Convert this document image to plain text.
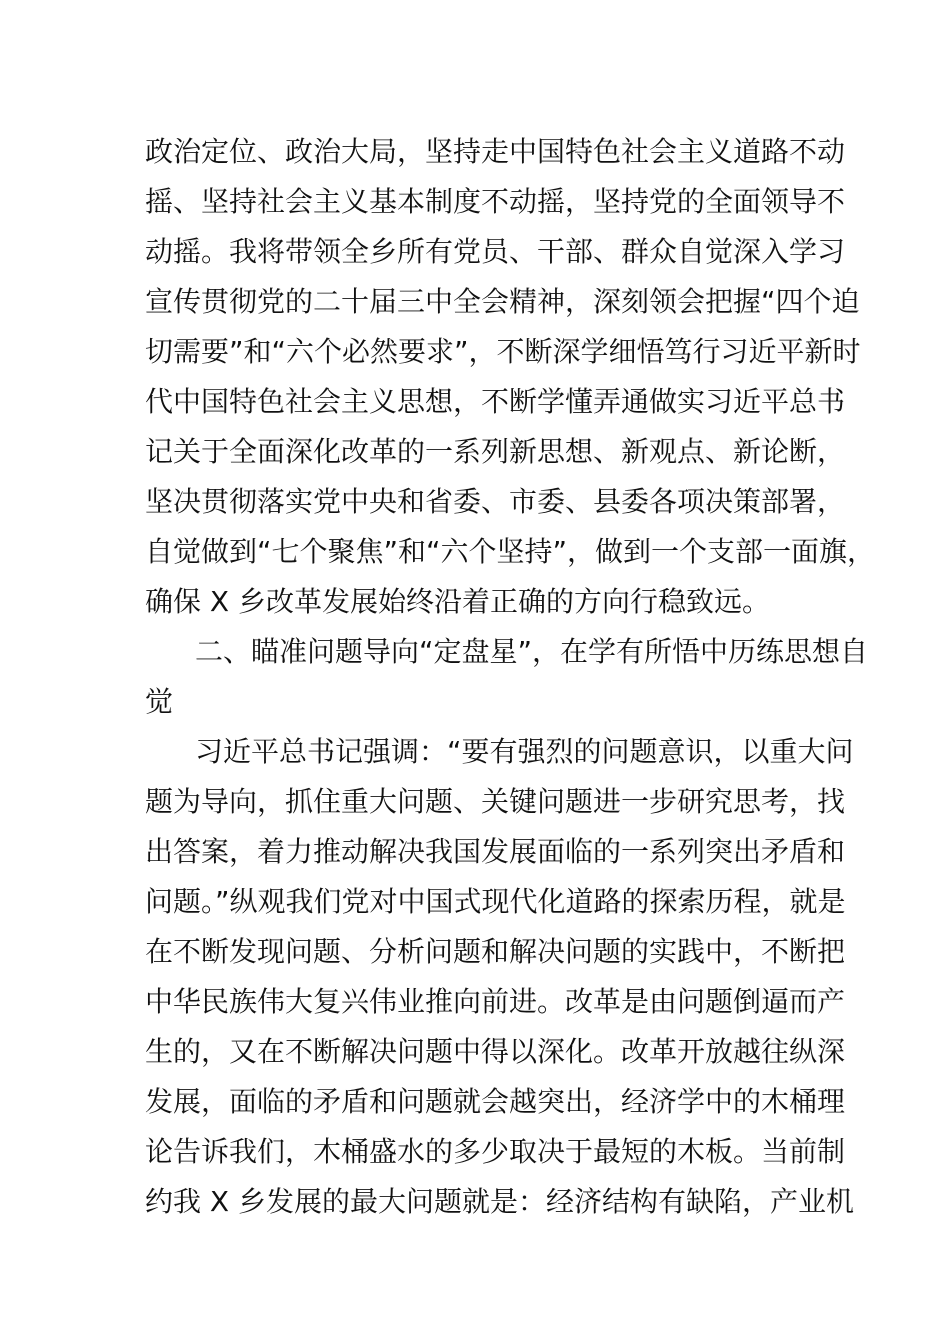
政治定位、政治大局，坚持走中国特色社会主义道路不动
摇、坚持社会主义基本制度不动摇，坚持党的全面领导不
动摇。我将带领全乡所有党员、干部、群众自觉深入学习
宣传贯彻党的二十届三中全会精神，深刻领会把握“四个迫
切需要”和“六个必然要求”，不断深学细悟笃行习近平新时
代中国特色社会主义思想，不断学懂弄通做实习近平总书
记关于全面深化改革的一系列新思想、新观点、新论断，
坚决贯彻落实党中央和省委、市委、县委各项决策部署，
自觉做到“七个聚焦”和“六个坚持”，做到一个支部一面旗，
确保 X 乡改革发展始终沿着正确的方向行稳致远。
二、瞄准问题导向“定盘星”，在学有所悟中历练思想自
觉
习近平总书记强调：“要有强烈的问题意识，以重大问
题为导向，抓住重大问题、关键问题进一步研究思考，找
出答案，着力推动解决我国发展面临的一系列突出矛盾和
问题。”纵观我们党对中国式现代化道路的探索历程，就是
在不断发现问题、分析问题和解决问题的实践中，不断把
中华民族伟大复兴伟业推向前进。改革是由问题倒逼而产
生的，又在不断解决问题中得以深化。改革开放越往纵深
发展，面临的矛盾和问题就会越突出，经济学中的木桶理
论告诉我们，木桶盛水的多少取决于最短的木板。当前制
约我 X 乡发展的最大问题就是：经济结构有缺陷，产业机
